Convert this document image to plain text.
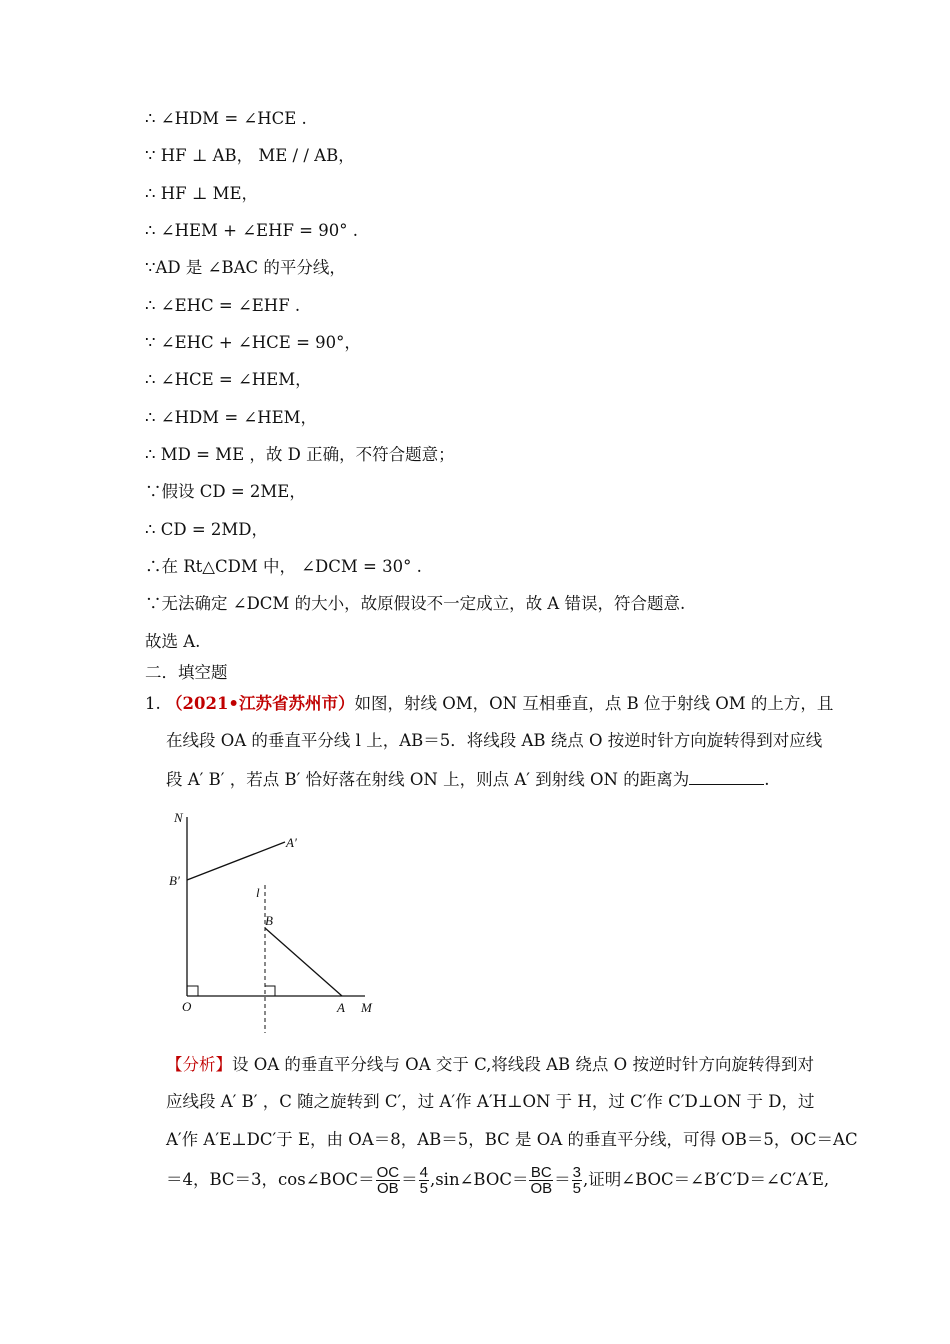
∴ ∠HDM = ∠HCE .
∵ HF ⊥ AB， ME / / AB，
∴ HF ⊥ ME，
∴ ∠HEM + ∠EHF = 90° .
∵AD 是 ∠BAC 的平分线，
∴ ∠EHC = ∠EHF .
∵ ∠EHC + ∠HCE = 90°，
∴ ∠HCE = ∠HEM，
∴ ∠HDM = ∠HEM，
∴ MD = ME ，故 D 正确，不符合题意；
∵假设 CD = 2ME，
∴ CD = 2MD，
∴在 Rt△CDM 中， ∠DCM = 30° .
∵无法确定 ∠DCM 的大小，故原假设不一定成立，故 A 错误，符合题意.
故选 A.
二．填空题
1. （2021•江苏省苏州市）如图，射线 OM，ON 互相垂直，点 B 位于射线 OM 的上方，且
在线段 OA 的垂直平分线 l 上，AB＝5．将线段 AB 绕点 O 按逆时针方向旋转得到对应线
段 A′ B′ ，若点 B′ 恰好落在射线 ON 上，则点 A′ 到射线 ON 的距离为	.
N
A′
B′
l
B
O	A M
【分析】设 OA 的垂直平分线与 OA 交于 C,将线段 AB 绕点 O 按逆时针方向旋转得到对
应线段 A′ B′ ，C 随之旋转到 C′，过 A′作 A′H⊥ON 于 H，过 C′作 C′D⊥ON 于 D，过
A′作 A′E⊥DC′于 E，由 OA＝8，AB＝5，BC 是 OA 的垂直平分线，可得 OB＝5，OC＝AC
＝4，BC＝3，cos∠BOC＝ $\frac{OC}{OB} = \frac{4}{5}$ ,sin∠BOC＝ $\frac{BC}{OB} = \frac{3}{5}$ ,证明∠BOC＝∠B′C′D＝∠C′A′E,
